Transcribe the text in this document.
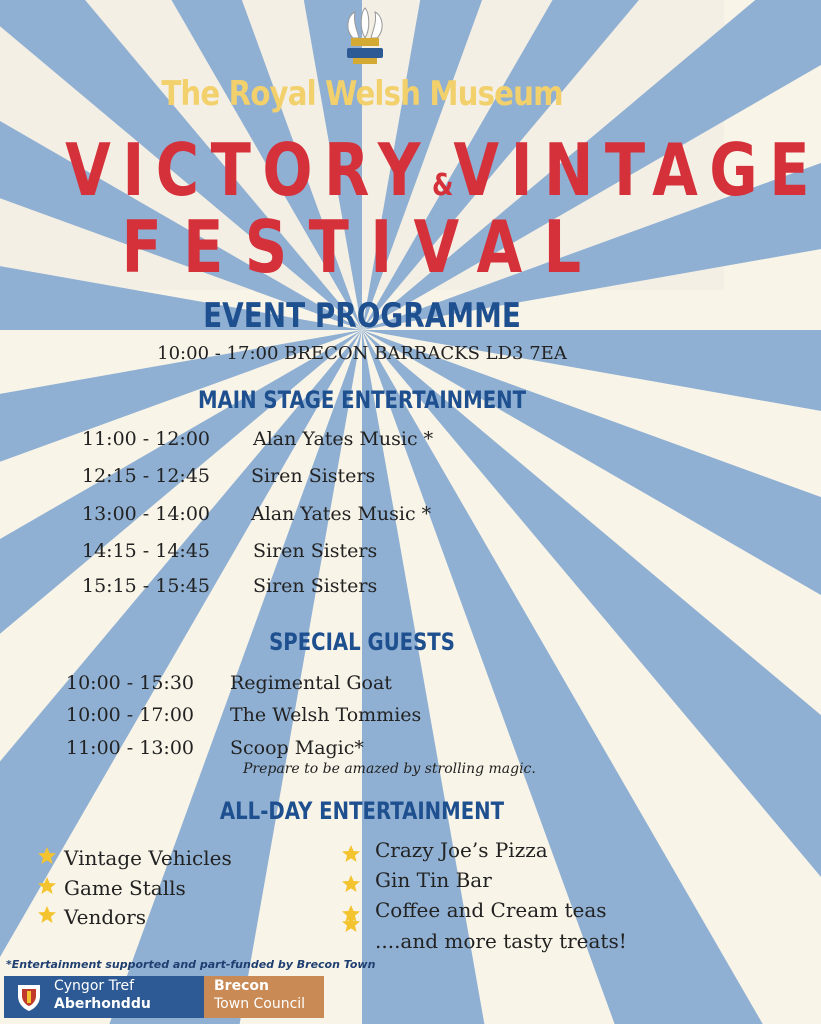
The Royal Welsh Museum
VICTORY&VINTAGE
FESTIVAL
EVENT PROGRAMME
10:00 - 17:00 BRECON BARRACKS LD3 7EA
MAIN STAGE ENTERTAINMENT
11:00 - 12:00 Alan Yates Music *
12:15 - 12:45 Siren Sisters
13:00 - 14:00 Alan Yates Music *
14:15 - 14:45 Siren Sisters
15:15 - 15:45 Siren Sisters
SPECIAL GUESTS
10:00 - 15:30 Regimental Goat
10:00 - 17:00 The Welsh Tommies
11:00 - 13:00 Scoop Magic*
Prepare to be amazed by strolling magic.
ALL-DAY ENTERTAINMENT
Vintage Vehicles
Game Stalls
Vendors
Crazy Joe’s Pizza
Gin Tin Bar
Coffee and Cream teas
....and more tasty treats!
*Entertainment supported and part-funded by Brecon Town
Cyngor Tref
Aberhonddu
Brecon
Town Council
